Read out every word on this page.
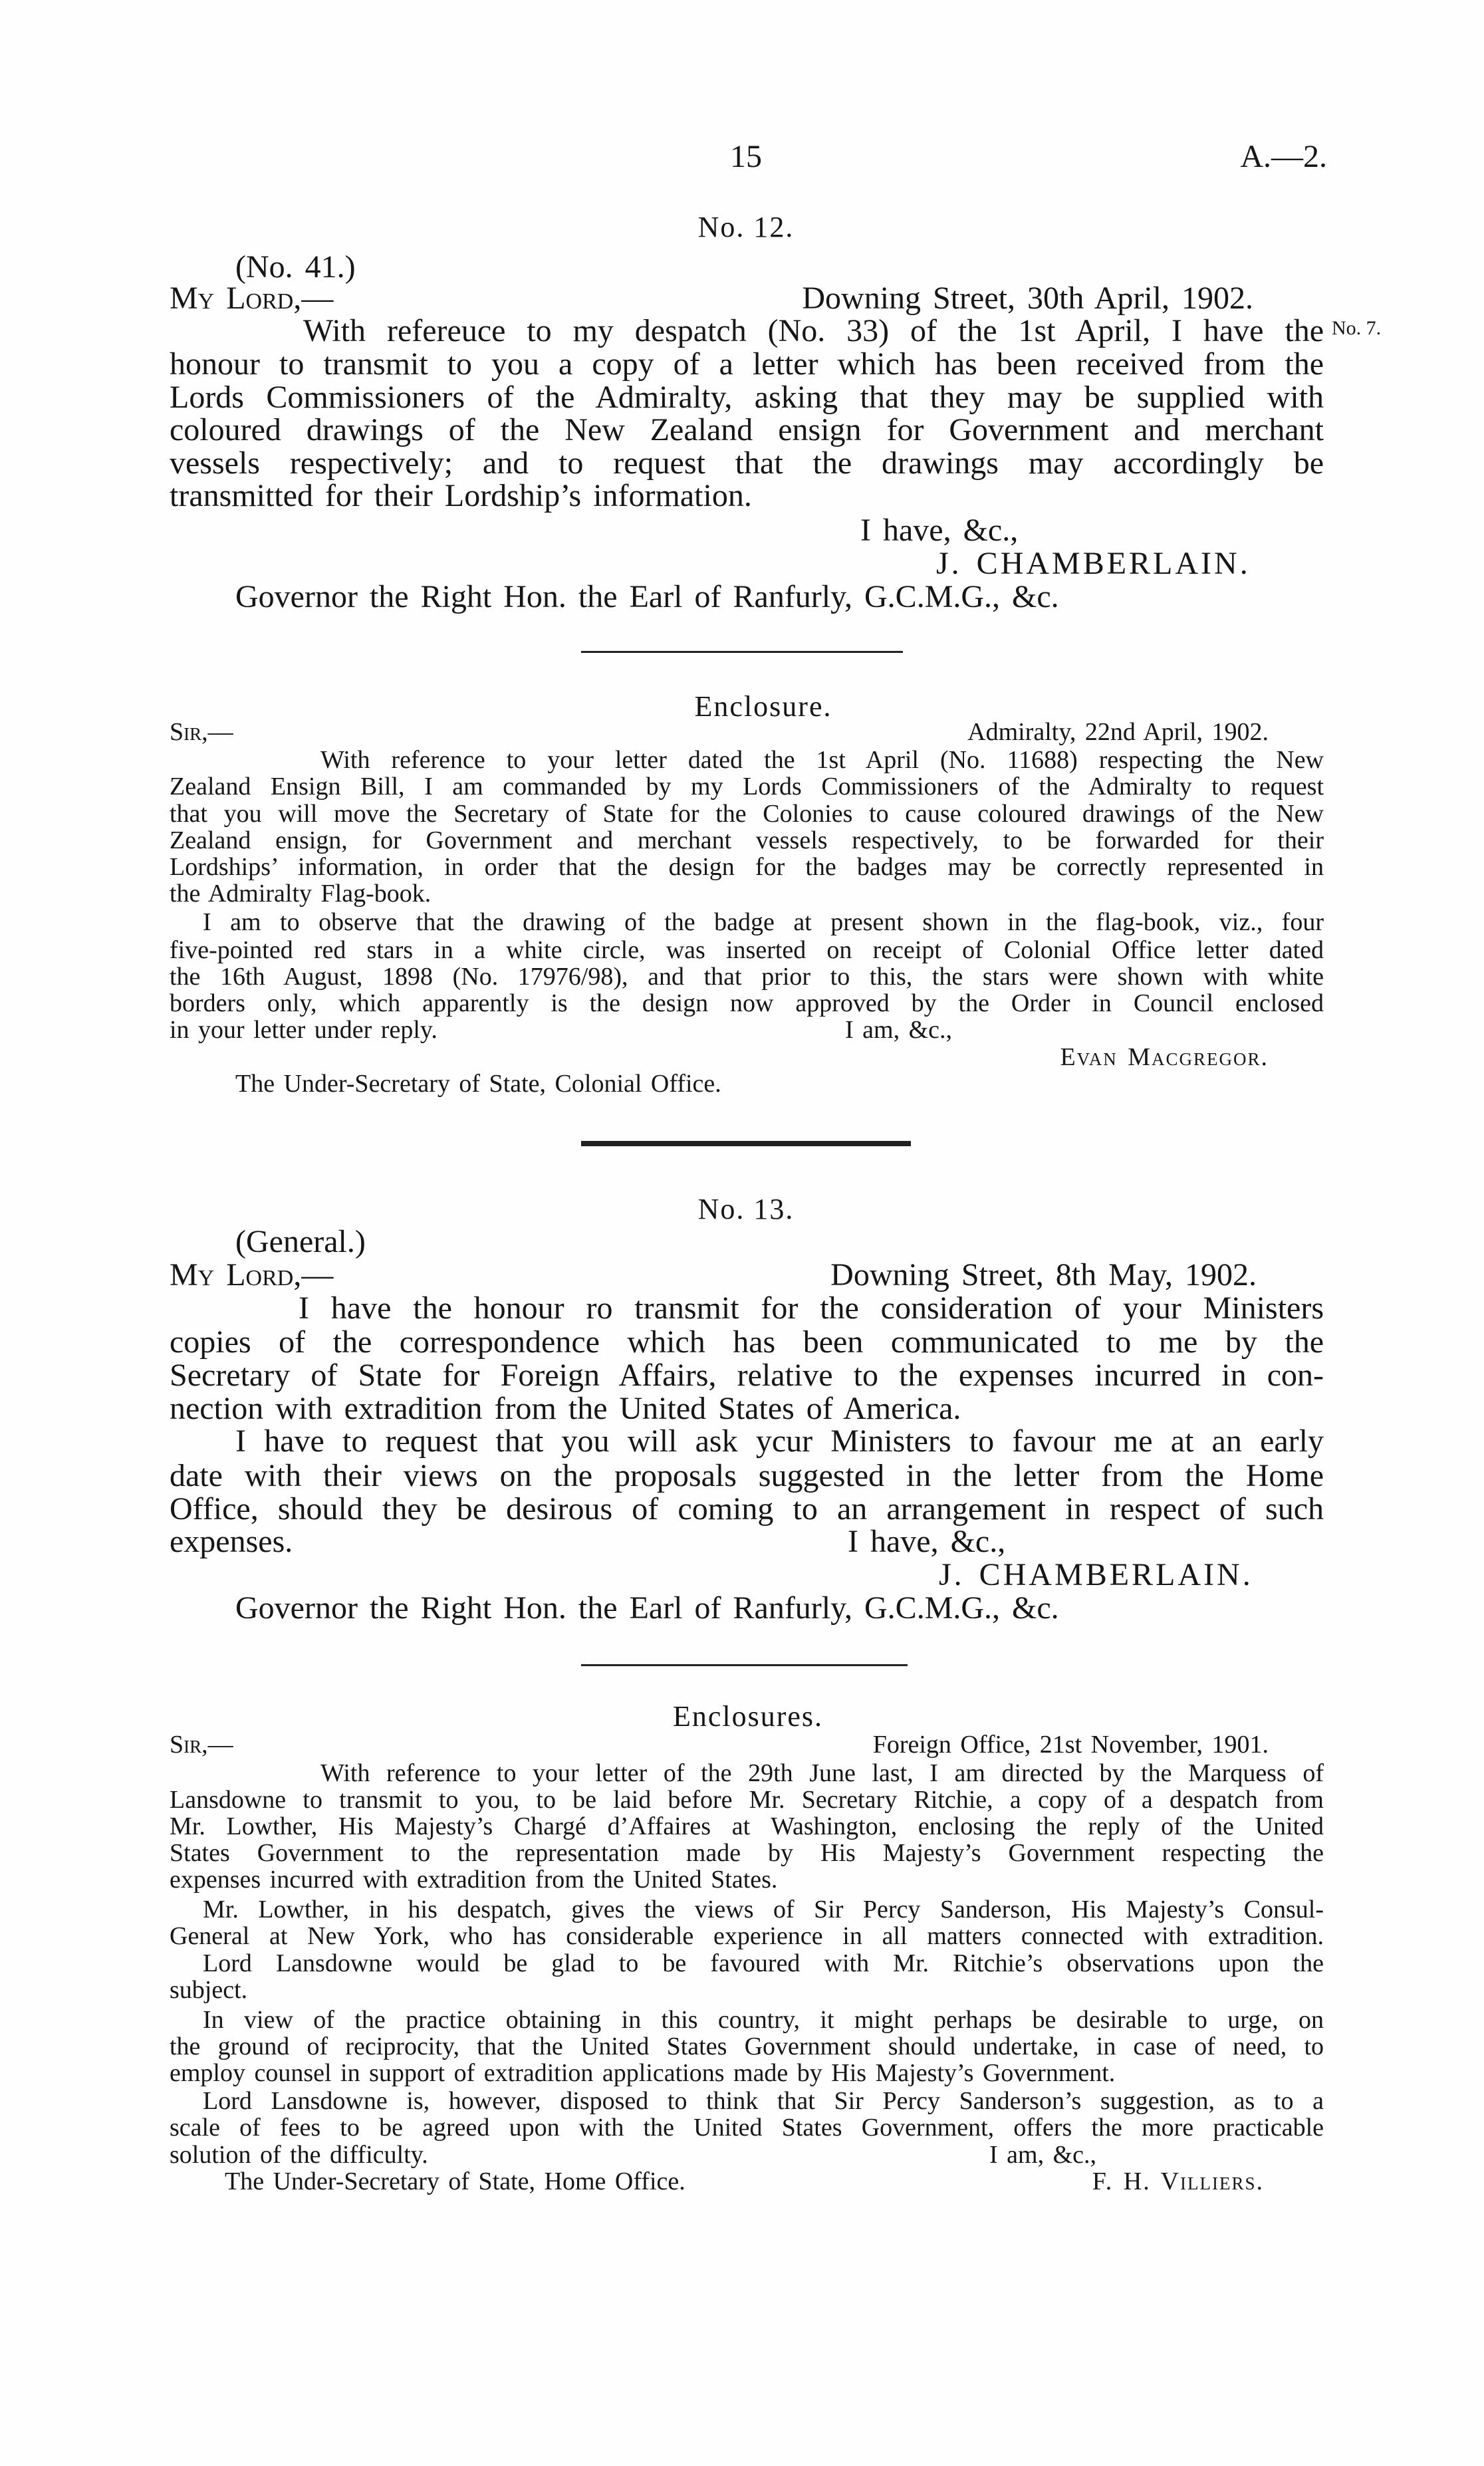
15	A.—2.
No. 12.
(No. 41.)
My Lord,—	Downing Street, 30th April, 1902.
With refereuce to my despatch (No. 33) of the 1st April, I have the No. 7.
honour to transmit to you a copy of a letter which has been received from the
Lords Commissioners of the Admiralty, asking that they may be supplied with
coloured drawings of the New Zealand ensign for Government and merchant
vessels respectively; and to request that the drawings may accordingly be
transmitted for their Lordship’s information.
I have, &c.,
J. CHAMBERLAIN.
Governor the Right Hon. the Earl of Ranfurly, G.C.M.G., &c.
Enclosure.
Sir,—	Admiralty, 22nd April, 1902.
With reference to your letter dated the 1st April (No. 11688) respecting the New
Zealand Ensign Bill, I am commanded by my Lords Commissioners of the Admiralty to request
that you will move the Secretary of State for the Colonies to cause coloured drawings of the New
Zealand ensign, for Government and merchant vessels respectively, to be forwarded for their
Lordships’ information, in order that the design for the badges may be correctly represented in
the Admiralty Flag-book.
I am to observe that the drawing of the badge at present shown in the flag-book, viz., four
five-pointed red stars in a white circle, was inserted on receipt of Colonial Office letter dated
the 16th August, 1898 (No. 17976/98), and that prior to this, the stars were shown with white
borders only, which apparently is the design now approved by the Order in Council enclosed
in your letter under reply.	I am, &c.,
Evan Macgregor.
The Under-Secretary of State, Colonial Office.
No. 13.
(General.)
My Lord,—	Downing Street, 8th May, 1902.
I have the honour ro transmit for the consideration of your Ministers
copies of the correspondence which has been communicated to me by the
Secretary of State for Foreign Affairs, relative to the expenses incurred in con-
nection with extradition from the United States of America.
I have to request that you will ask ycur Ministers to favour me at an early
date with their views on the proposals suggested in the letter from the Home
Office, should they be desirous of coming to an arrangement in respect of such
expenses.	I have, &c.,
J. CHAMBERLAIN.
Governor the Right Hon. the Earl of Ranfurly, G.C.M.G., &c.
Enclosures.
Sir,—	Foreign Office, 21st November, 1901.
With reference to your letter of the 29th June last, I am directed by the Marquess of
Lansdowne to transmit to you, to be laid before Mr. Secretary Ritchie, a copy of a despatch from
Mr. Lowther, His Majesty’s Chargé d’Affaires at Washington, enclosing the reply of the United
States Government to the representation made by His Majesty’s Government respecting the
expenses incurred with extradition from the United States.
Mr. Lowther, in his despatch, gives the views of Sir Percy Sanderson, His Majesty’s Consul-
General at New York, who has considerable experience in all matters connected with extradition.
Lord Lansdowne would be glad to be favoured with Mr. Ritchie’s observations upon the
subject.
In view of the practice obtaining in this country, it might perhaps be desirable to urge, on
the ground of reciprocity, that the United States Government should undertake, in case of need, to
employ counsel in support of extradition applications made by His Majesty’s Government.
Lord Lansdowne is, however, disposed to think that Sir Percy Sanderson’s suggestion, as to a
scale of fees to be agreed upon with the United States Government, offers the more practicable
solution of the difficulty.	I am, &c.,
The Under-Secretary of State, Home Office.	F. H. Villiers.
